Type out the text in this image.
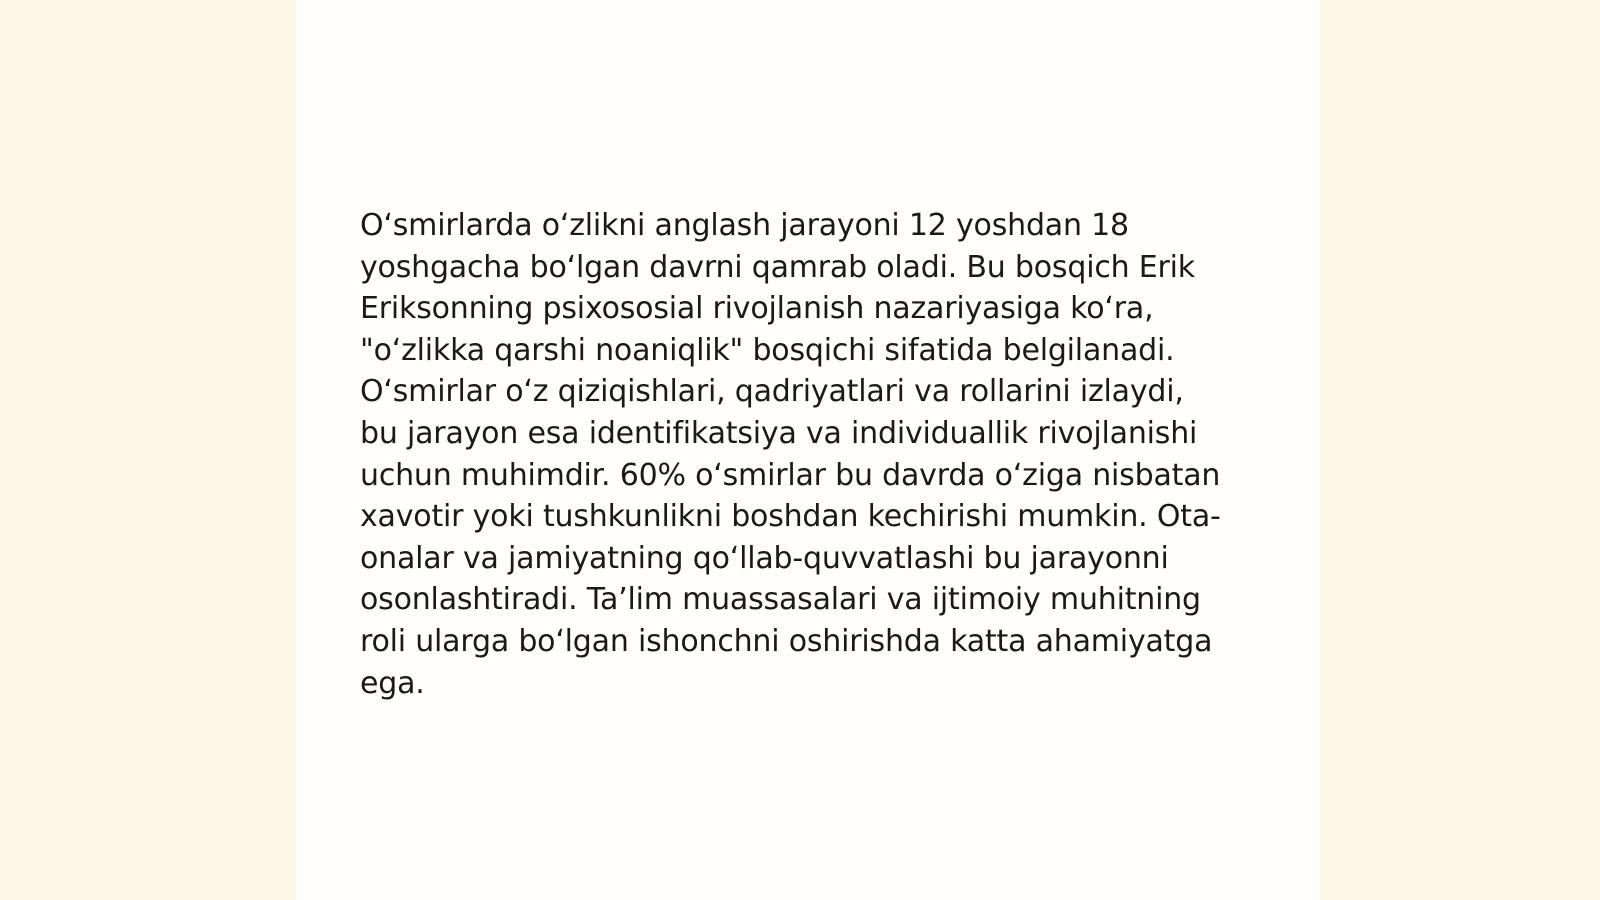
O‘smirlarda o‘zlikni anglash jarayoni 12 yoshdan 18 yoshgacha bo‘lgan davrni qamrab oladi. Bu bosqich Erik Eriksonning psixososial rivojlanish nazariyasiga ko‘ra, "o‘zlikka qarshi noaniqlik" bosqichi sifatida belgilanadi. O‘smirlar o‘z qiziqishlari, qadriyatlari va rollarini izlaydi, bu jarayon esa identifikatsiya va individuallik rivojlanishi uchun muhimdir. 60% o‘smirlar bu davrda o‘ziga nisbatan xavotir yoki tushkunlikni boshdan kechirishi mumkin. Ota-onalar va jamiyatning qo‘llab-quvvatlashi bu jarayonni osonlashtiradi. Ta’lim muassasalari va ijtimoiy muhitning roli ularga bo‘lgan ishonchni oshirishda katta ahamiyatga ega.
